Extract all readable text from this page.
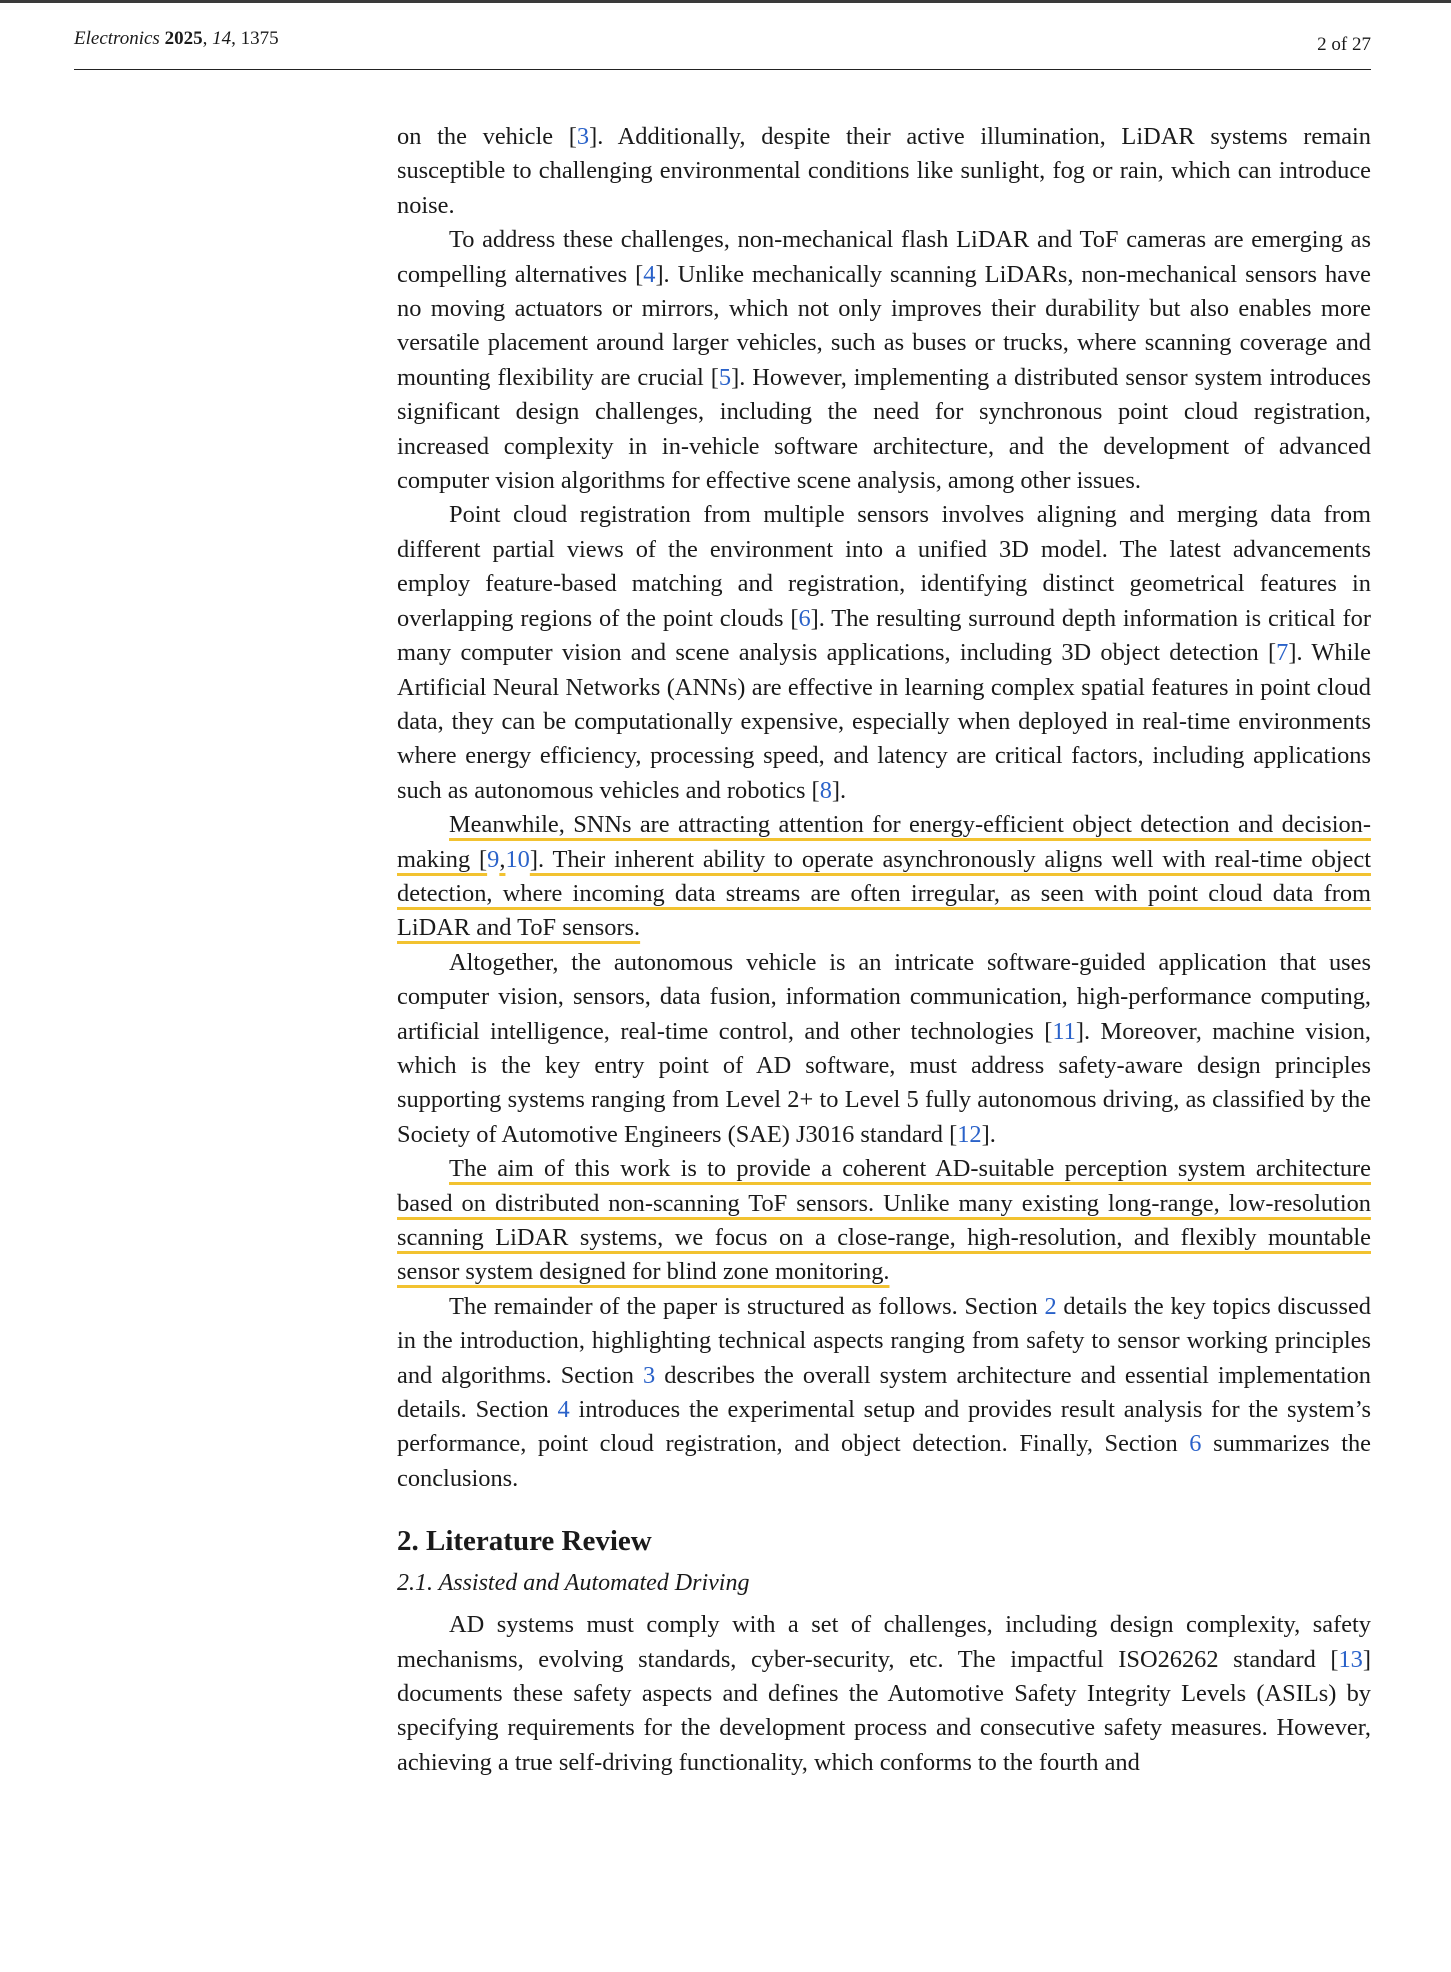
Electronics 2025, 14, 1375	2 of 27

on the vehicle [3]. Additionally, despite their active illumination, LiDAR systems remain susceptible to challenging environmental conditions like sunlight, fog or rain, which can introduce noise.

To address these challenges, non-mechanical flash LiDAR and ToF cameras are emerging as compelling alternatives [4]. Unlike mechanically scanning LiDARs, non-mechanical sensors have no moving actuators or mirrors, which not only improves their durability but also enables more versatile placement around larger vehicles, such as buses or trucks, where scanning coverage and mounting flexibility are crucial [5]. However, implementing a distributed sensor system introduces significant design challenges, including the need for synchronous point cloud registration, increased complexity in in-vehicle software architecture, and the development of advanced computer vision algorithms for effective scene analysis, among other issues.

Point cloud registration from multiple sensors involves aligning and merging data from different partial views of the environment into a unified 3D model. The latest advancements employ feature-based matching and registration, identifying distinct geometrical features in overlapping regions of the point clouds [6]. The resulting surround depth information is critical for many computer vision and scene analysis applications, including 3D object detection [7]. While Artificial Neural Networks (ANNs) are effective in learning complex spatial features in point cloud data, they can be computationally expensive, especially when deployed in real-time environments where energy efficiency, processing speed, and latency are critical factors, including applications such as autonomous vehicles and robotics [8].

Meanwhile, SNNs are attracting attention for energy-efficient object detection and decision-making [9,10]. Their inherent ability to operate asynchronously aligns well with real-time object detection, where incoming data streams are often irregular, as seen with point cloud data from LiDAR and ToF sensors.

Altogether, the autonomous vehicle is an intricate software-guided application that uses computer vision, sensors, data fusion, information communication, high-performance computing, artificial intelligence, real-time control, and other technologies [11]. Moreover, machine vision, which is the key entry point of AD software, must address safety-aware design principles supporting systems ranging from Level 2+ to Level 5 fully autonomous driving, as classified by the Society of Automotive Engineers (SAE) J3016 standard [12].

The aim of this work is to provide a coherent AD-suitable perception system architecture based on distributed non-scanning ToF sensors. Unlike many existing long-range, low-resolution scanning LiDAR systems, we focus on a close-range, high-resolution, and flexibly mountable sensor system designed for blind zone monitoring.

The remainder of the paper is structured as follows. Section 2 details the key topics discussed in the introduction, highlighting technical aspects ranging from safety to sensor working principles and algorithms. Section 3 describes the overall system architecture and essential implementation details. Section 4 introduces the experimental setup and provides result analysis for the system’s performance, point cloud registration, and object detection. Finally, Section 6 summarizes the conclusions.

2. Literature Review
2.1. Assisted and Automated Driving

AD systems must comply with a set of challenges, including design complexity, safety mechanisms, evolving standards, cyber-security, etc. The impactful ISO26262 standard [13] documents these safety aspects and defines the Automotive Safety Integrity Levels (ASILs) by specifying requirements for the development process and consecutive safety measures. However, achieving a true self-driving functionality, which conforms to the fourth and
